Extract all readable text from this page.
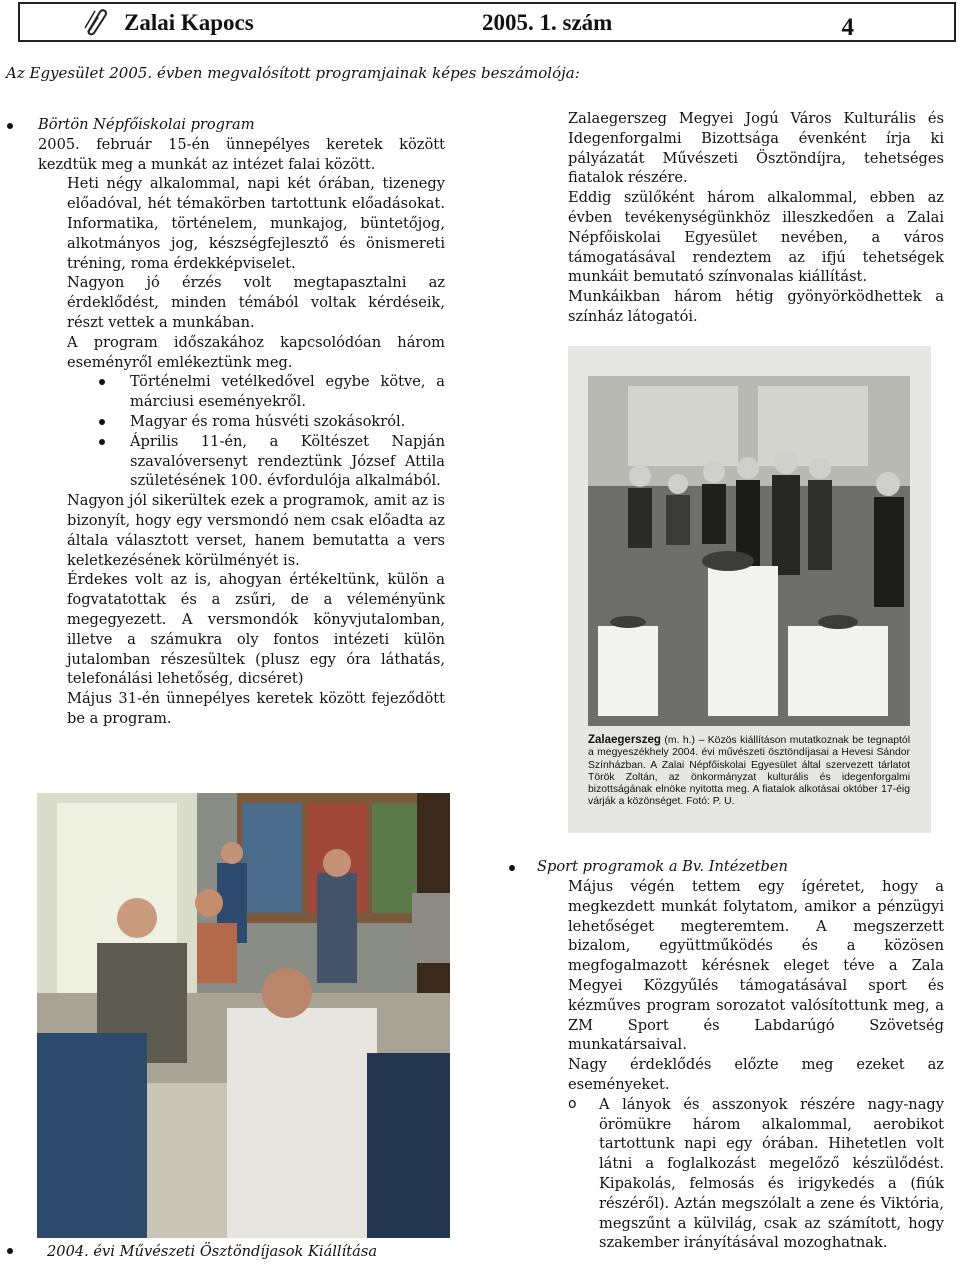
Zalai Kapocs	2005. 1. szám	4
Az Egyesület 2005. évben megvalósított programjainak képes beszámolója:
Börtön Népfőiskolai program

2005. február 15-én ünnepélyes keretek között kezdtük meg a munkát az intézet falai között.

Heti négy alkalommal, napi két órában, tizenegy előadóval, hét témakörben tartottunk előadásokat. Informatika, történelem, munkajog, büntetőjog, alkotmányos jog, készségfejlesztő és önismereti tréning, roma érdekképviselet.

Nagyon jó érzés volt megtapasztalni az érdeklődést, minden témából voltak kérdéseik, részt vettek a munkában.

A program időszakához kapcsolódóan három eseményről emlékeztünk meg.

Történelmi vetélkedővel egybe kötve, a márciusi eseményekről.
Magyar és roma húsvéti szokásokról.
Április 11-én, a Költészet Napján szavalóversenyt rendeztünk József Attila születésének 100. évfordulója alkalmából.

Nagyon jól sikerültek ezek a programok, amit az is bizonyít, hogy egy versmondó nem csak előadta az általa választott verset, hanem bemutatta a vers keletkezésének körülményét is.

Érdekes volt az is, ahogyan értékeltünk, külön a fogvatatottak és a zsűri, de a véleményünk megegyezett. A versmondók könyvjutalomban, illetve a számukra oly fontos intézeti külön jutalomban részesültek (plusz egy óra láthatás, telefonálási lehetőség, dicséret)

Május 31-én ünnepélyes keretek között fejeződött be a program.

2004. évi Művészeti Ösztöndíjasok Kiállítása

Zalaegerszeg Megyei Jogú Város Kulturális és Idegenforgalmi Bizottsága évenként írja ki pályázatát Művészeti Ösztöndíjra, tehetséges fiatalok részére.

Eddig szülőként három alkalommal, ebben az évben tevékenységünkhöz illeszkedően a Zalai Népfőiskolai Egyesület nevében, a város támogatásával rendeztem az ifjú tehetségek munkáit bemutató színvonalas kiállítást.

Munkáikban három hétig gyönyörködhettek a színház látogatói.

Zalaegerszeg (m. h.) – Közös kiállításon mutatkoznak be tegnaptól a megyeszékhely 2004. évi művészeti ösztöndíjasai a Hevesi Sándor Színházban. A Zalai Népfőiskolai Egyesület által szervezett tárlatot Török Zoltán, az önkormányzat kulturális és idegenforgalmi bizottságának elnöke nyitotta meg. A fiatalok alkotásai október 17-éig várják a közönséget. Fotó: P. U.
Sport programok a Bv. Intézetben

Május végén tettem egy ígéretet, hogy a megkezdett munkát folytatom, amikor a pénzügyi lehetőséget megteremtem. A megszerzett bizalom, együttműködés és a közösen megfogalmazott kérésnek eleget téve a Zala Megyei Közgyűlés támogatásával sport és kézműves program sorozatot valósítottunk meg, a ZM Sport és Labdarúgó Szövetség munkatársaival.

Nagy érdeklődés előzte meg ezeket az eseményeket.

o A lányok és asszonyok részére nagy-nagy örömükre három alkalommal, aerobikot tartottunk napi egy órában. Hihetetlen volt látni a foglalkozást megelőző készülődést. Kipakolás, felmosás és irigykedés a (fiúk részéről). Aztán megszólalt a zene és Viktória, megszűnt a külvilág, csak az számított, hogy szakember irányításával mozoghatnak.
